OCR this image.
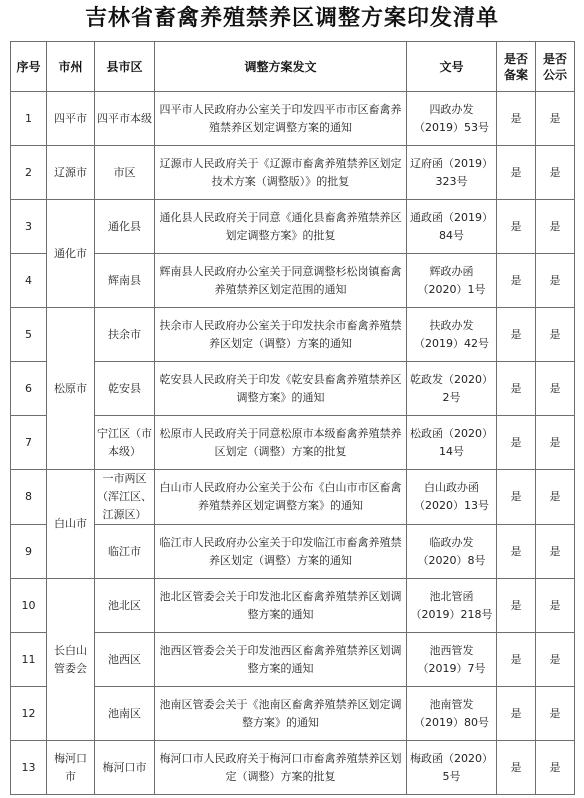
吉林省畜禽养殖禁养区调整方案印发清单
序号	市州	县市区	调整方案发文	文号	是否备案	是否公示
1	四平市	四平市本级	四平市人民政府办公室关于印发四平市市区畜禽养殖禁养区划定调整方案的通知	四政办发（2019）53号	是	是
2	辽源市	市区	辽源市人民政府关于《辽源市畜禽养殖禁养区划定技术方案（调整版）》的批复	辽府函（2019）323号	是	是
3	通化市	通化县	通化县人民政府关于同意《通化县畜禽养殖禁养区划定调整方案》的批复	通政函（2019）84号	是	是
4		辉南县	辉南县人民政府办公室关于同意调整杉松岗镇畜禽养殖禁养区划定范围的通知	辉政办函（2020）1号	是	是
5	松原市	扶余市	扶余市人民政府办公室关于印发扶余市畜禽养殖禁养区划定（调整）方案的通知	扶政办发（2019）42号	是	是
6		乾安县	乾安县人民政府关于印发《乾安县畜禽养殖禁养区调整方案》的通知	乾政发（2020）2号	是	是
7		宁江区（市本级）	松原市人民政府关于同意松原市本级畜禽养殖禁养区划定（调整）方案的批复	松政函（2020）14号	是	是
8	白山市	一市两区（浑江区、江源区）	白山市人民政府办公室关于公布《白山市市区畜禽养殖禁养区划定调整方案》的通知	白山政办函（2020）13号	是	是
9		临江市	临江市人民政府办公室关于印发临江市畜禽养殖禁养区划定（调整）方案的通知	临政办发（2020）8号	是	是
10	长白山管委会	池北区	池北区管委会关于印发池北区畜禽养殖禁养区划调整方案的通知	池北管函（2019）218号	是	是
11		池西区	池西区管委会关于印发池西区畜禽养殖禁养区划调整方案的通知	池西管发（2019）7号	是	是
12		池南区	池南区管委会关于《池南区畜禽养殖禁养区划定调整方案》的通知	池南管发（2019）80号	是	是
13	梅河口市	梅河口市	梅河口市人民政府关于梅河口市畜禽养殖禁养区划定（调整）方案的批复	梅政函（2020）5号	是	是
